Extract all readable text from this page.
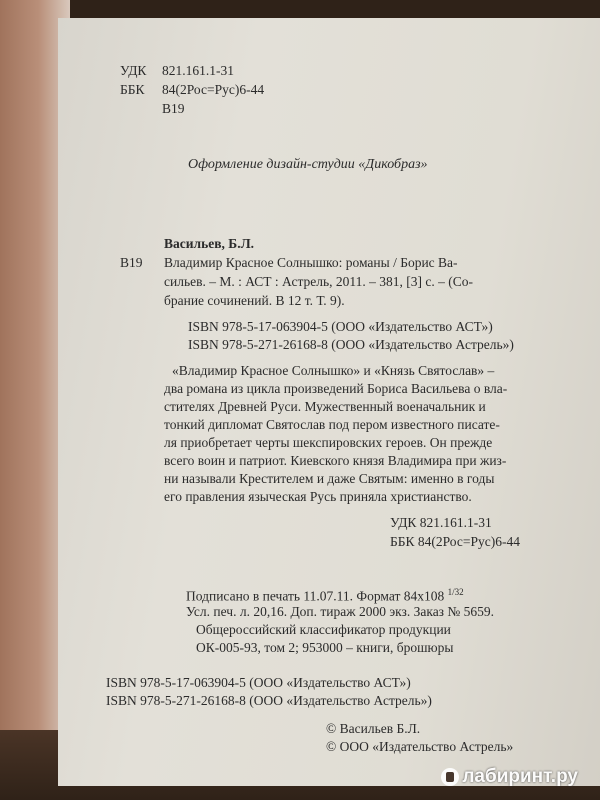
УДК	821.161.1-31
ББК	84(2Рос=Рус)6-44
В19
Оформление дизайн-студии «Дикобраз»
Васильев, Б.Л.
В19 Владимир Красное Солнышко: романы / Борис Ва-
сильев. – М. : АСТ : Астрель, 2011. – 381, [3] с. – (Со-
брание сочинений. В 12 т. Т. 9).
ISBN 978-5-17-063904-5 (ООО «Издательство АСТ»)
ISBN 978-5-271-26168-8 (ООО «Издательство Астрель»)
«Владимир Красное Солнышко» и «Князь Святослав» –
два романа из цикла произведений Бориса Васильева о вла-
стителях Древней Руси. Мужественный военачальник и
тонкий дипломат Святослав под пером известного писате-
ля приобретает черты шекспировских героев. Он прежде
всего воин и патриот. Киевского князя Владимира при жиз-
ни называли Крестителем и даже Святым: именно в годы
его правления языческая Русь приняла христианство.
УДК 821.161.1-31
ББК 84(2Рос=Рус)6-44
Подписано в печать 11.07.11. Формат 84x108 $^{1/32}$
Усл. печ. л. 20,16. Доп. тираж 2000 экз. Заказ № 5659.
Общероссийский классификатор продукции
ОК-005-93, том 2; 953000 – книги, брошюры
ISBN 978-5-17-063904-5 (ООО «Издательство АСТ»)
ISBN 978-5-271-26168-8 (ООО «Издательство Астрель»)
© Васильев Б.Л.
© ООО «Издательство Астрель»
лабиринт.ру
